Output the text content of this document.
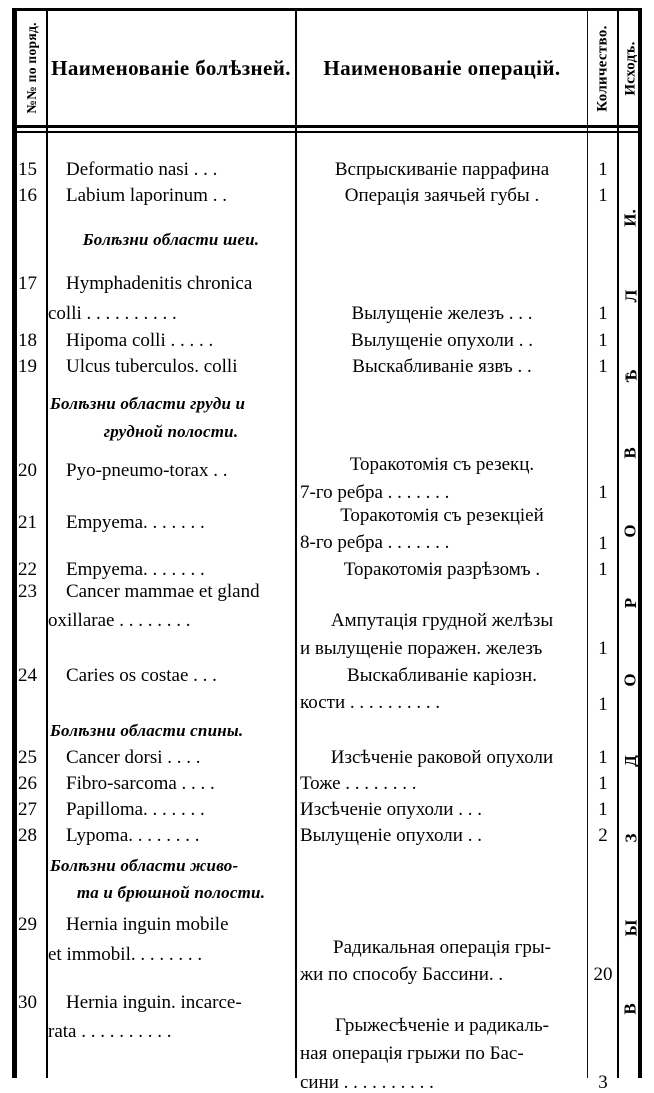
№№ по поряд. Наименованіе болѣзней. Наименованіе операцій. Количество. Исходъ.
15	Deformatio nasi . . .	Вспрыскиваніе паррафина	1
16	Labium laporinum . .	Операція заячьей губы .	1
Болѣзни области шеи.
17	Hymphadenitis chronica
colli . . . . . . . . . .	Вылущеніе железъ . . .	1
18	Hipoma colli . . . . .	Вылущеніе опухоли . .	1
19	Ulcus tuberculos. colli	Выскабливаніе язвъ . .	1
Болѣзни области груди и
грудной полости.
20	Pyo-pneumo-torax . .	Торакотомія съ резекц.
7-го ребра . . . . . . .	1
21	Empyema. . . . . . .	Торакотомія съ резекціей
8-го ребра . . . . . . .	1
22	Empyema. . . . . . .	Торакотомія разрѣзомъ .	1
23	Cancer mammae et gland
oxillarae . . . . . . . .	Ампутація грудной желѣзы
и вылущеніе поражен. железъ	1
24	Caries os costae . . .	Выскабливаніе каріозн.
кости . . . . . . . . . .	1
Болѣзни области спины.
25	Cancer dorsi . . . .	Изсѣченіе раковой опухоли	1
26	Fibro-sarcoma . . . .	Тоже . . . . . . . .	1
27	Papilloma. . . . . . .	Изсѣченіе опухоли . . .	1
28	Lypoma. . . . . . . .	Вылущеніе опухоли . .	2
Болѣзни области живо-
та и брюшной полости.
29	Hernia inguin mobile
et immobil. . . . . . . .	Радикальная операція гры-
жи по способу Бассини. .	20
30	Hernia inguin. incarce-
rata . . . . . . . . . .	Грыжесѣченіе и радикаль-
ная операція грыжи по Бас-
сини . . . . . . . . . .	3
И.
Л
Ѣ
В
О
Р
О
Д
З
Ы
В
